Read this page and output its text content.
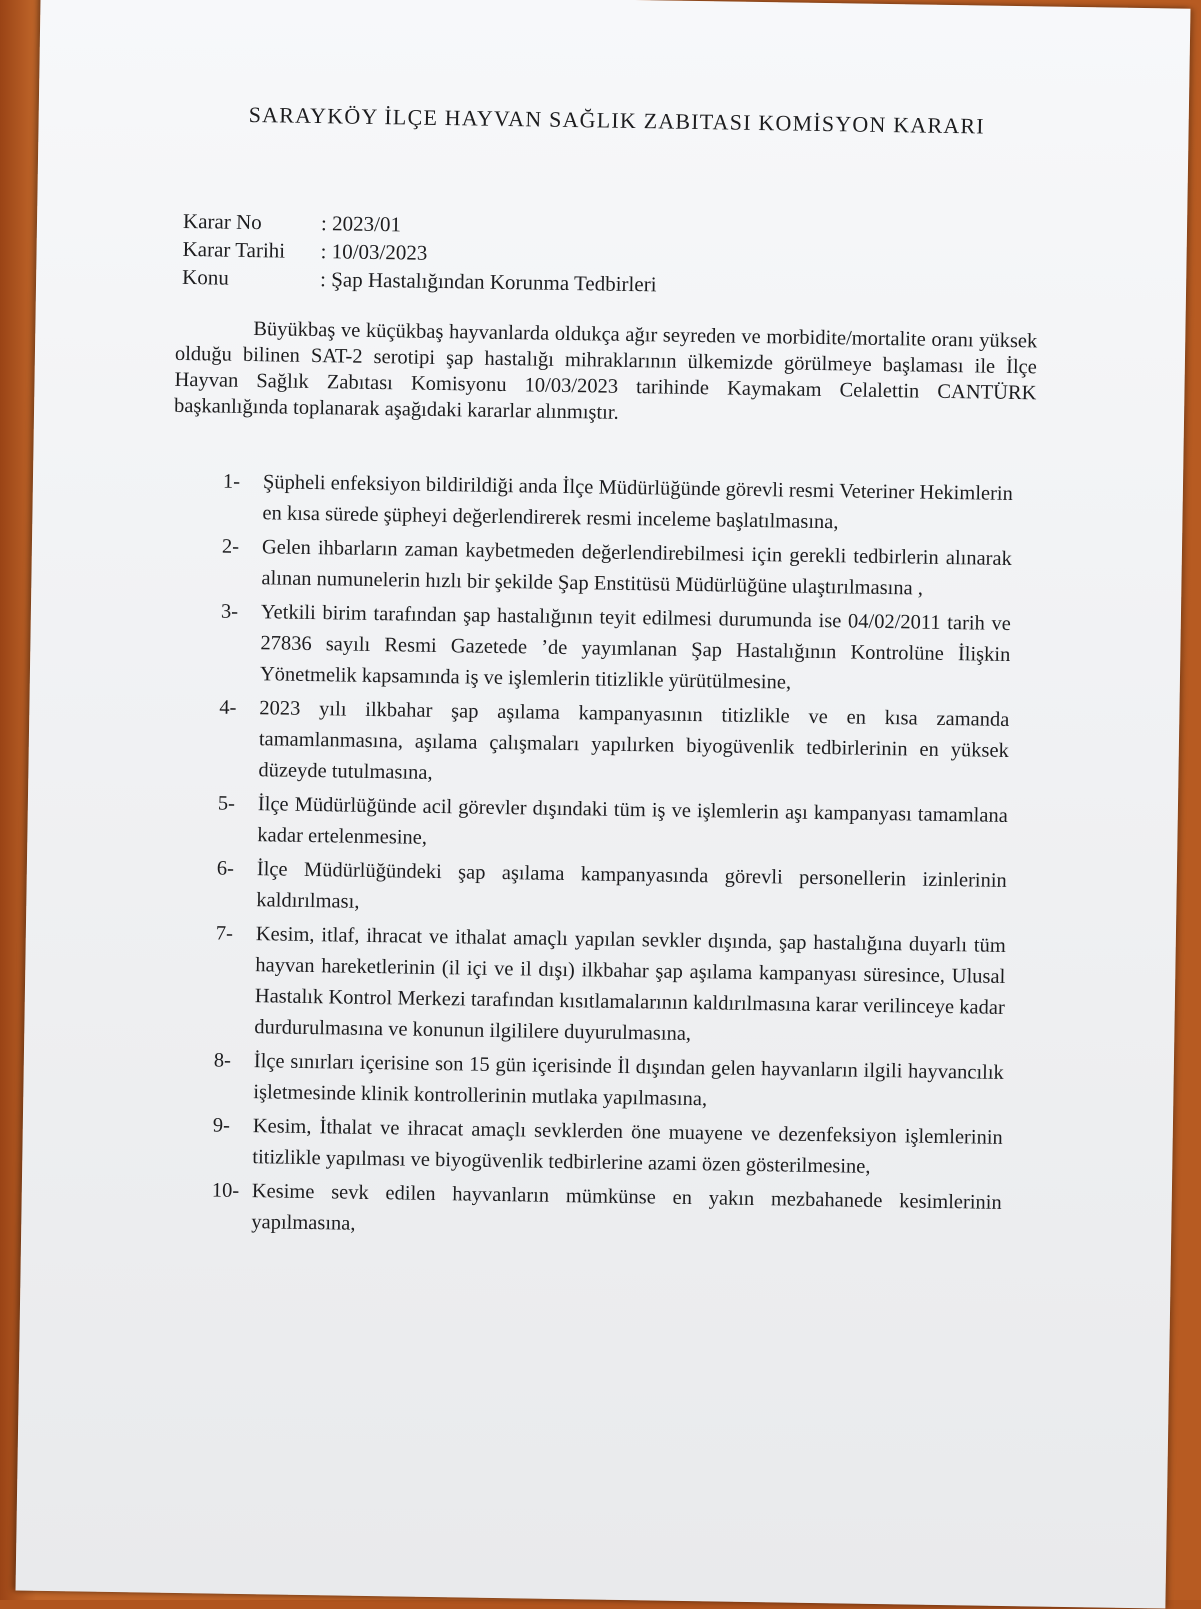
SARAYKÖY İLÇE HAYVAN SAĞLIK ZABITASI KOMİSYON KARARI
Karar No	: 2023/01
Karar Tarihi	: 10/03/2023
Konu	: Şap Hastalığından Korunma Tedbirleri

Büyükbaş ve küçükbaş hayvanlarda oldukça ağır seyreden ve morbidite/mortalite oranı yüksek olduğu bilinen SAT-2 serotipi şap hastalığı mihraklarının ülkemizde görülmeye başlaması ile İlçe Hayvan Sağlık Zabıtası Komisyonu 10/03/2023 tarihinde Kaymakam Celalettin CANTÜRK başkanlığında toplanarak aşağıdaki kararlar alınmıştır.

1-	Şüpheli enfeksiyon bildirildiği anda İlçe Müdürlüğünde görevli resmi Veteriner Hekimlerin en kısa sürede şüpheyi değerlendirerek resmi inceleme başlatılmasına,
2-	Gelen ihbarların zaman kaybetmeden değerlendirebilmesi için gerekli tedbirlerin alınarak alınan numunelerin hızlı bir şekilde Şap Enstitüsü Müdürlüğüne ulaştırılmasına ,
3-	Yetkili birim tarafından şap hastalığının teyit edilmesi durumunda ise 04/02/2011 tarih ve 27836 sayılı Resmi Gazetede ’de yayımlanan Şap Hastalığının Kontrolüne İlişkin Yönetmelik kapsamında iş ve işlemlerin titizlikle yürütülmesine,
4-	2023 yılı ilkbahar şap aşılama kampanyasının titizlikle ve en kısa zamanda tamamlanmasına, aşılama çalışmaları yapılırken biyogüvenlik tedbirlerinin en yüksek düzeyde tutulmasına,
5-	İlçe Müdürlüğünde acil görevler dışındaki tüm iş ve işlemlerin aşı kampanyası tamamlana kadar ertelenmesine,
6-	İlçe Müdürlüğündeki şap aşılama kampanyasında görevli personellerin izinlerinin kaldırılması,
7-	Kesim, itlaf, ihracat ve ithalat amaçlı yapılan sevkler dışında, şap hastalığına duyarlı tüm hayvan hareketlerinin (il içi ve il dışı) ilkbahar şap aşılama kampanyası süresince, Ulusal Hastalık Kontrol Merkezi tarafından kısıtlamalarının kaldırılmasına karar verilinceye kadar durdurulmasına ve konunun ilgililere duyurulmasına,
8-	İlçe sınırları içerisine son 15 gün içerisinde İl dışından gelen hayvanların ilgili hayvancılık işletmesinde klinik kontrollerinin mutlaka yapılmasına,
9-	Kesim, İthalat ve ihracat amaçlı sevklerden öne muayene ve dezenfeksiyon işlemlerinin titizlikle yapılması ve biyogüvenlik tedbirlerine azami özen gösterilmesine,
10- Kesime sevk edilen hayvanların mümkünse en yakın mezbahanede kesimlerinin yapılmasına,
